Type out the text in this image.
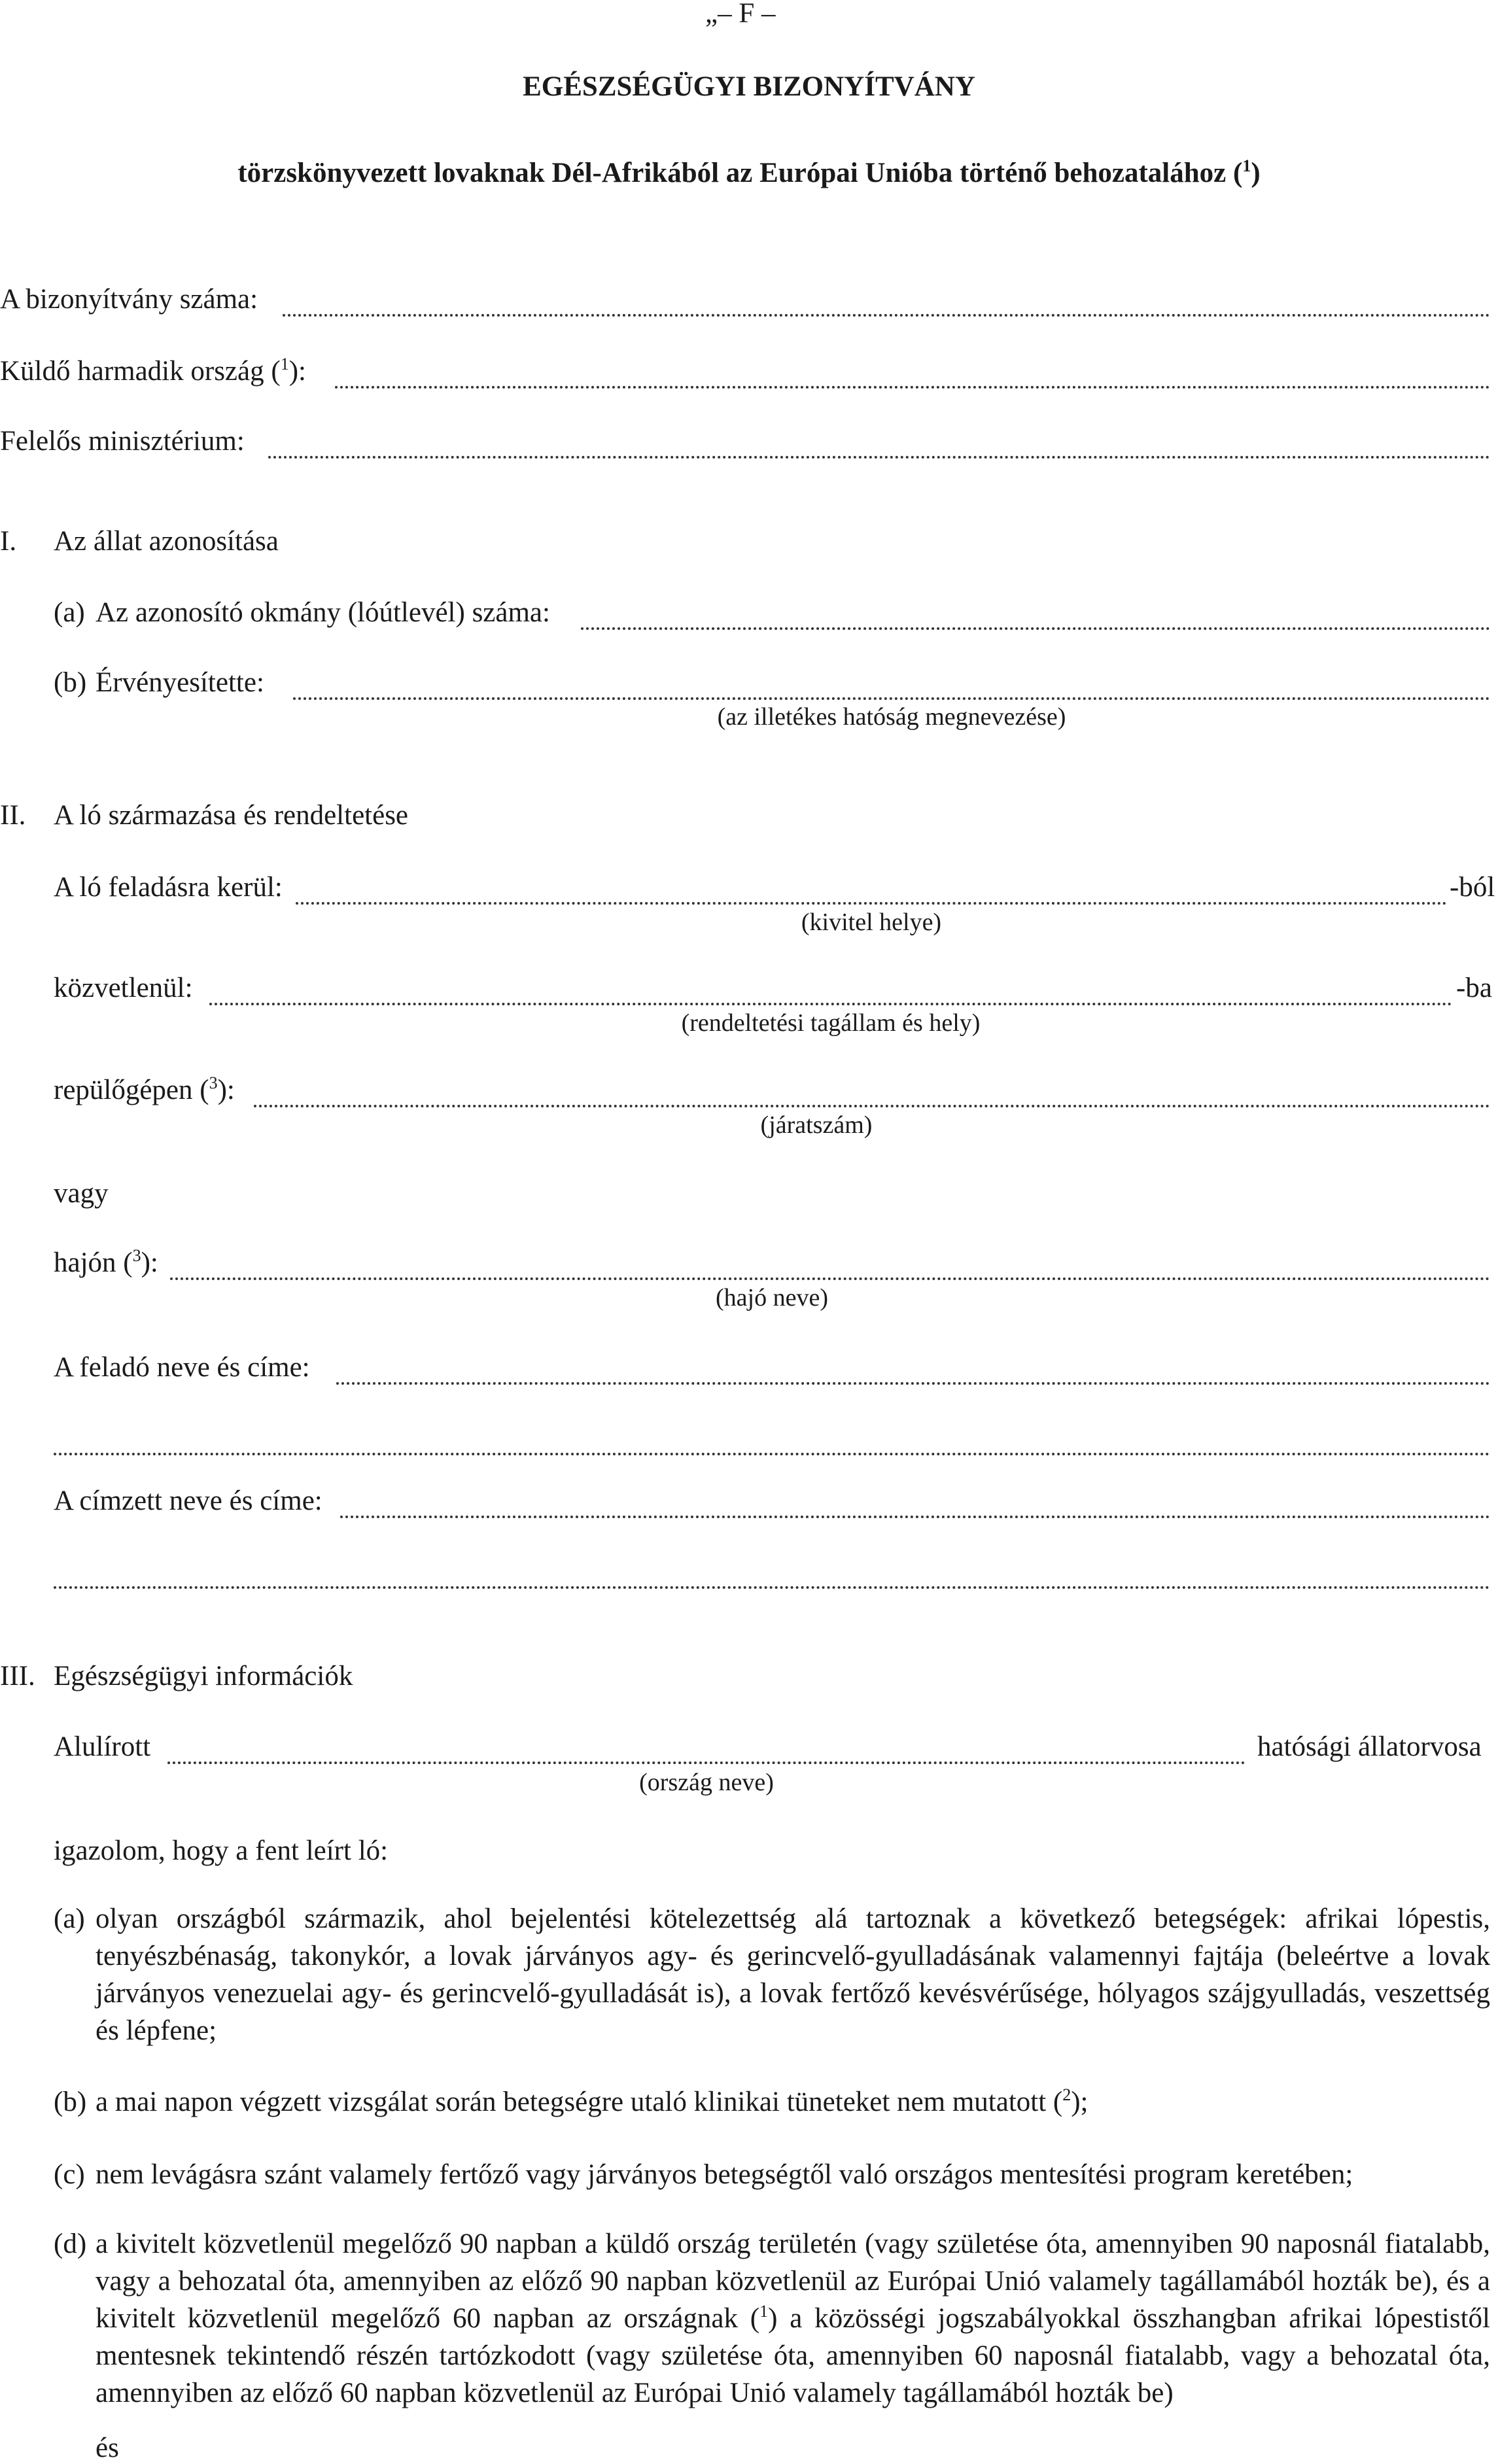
„– F –
EGÉSZSÉGÜGYI BIZONYÍTVÁNY
törzskönyvezett lovaknak Dél-Afrikából az Európai Unióba történő behozatalához ($^1$)
A bizonyítvány száma:
Küldő harmadik ország ($^1$):
Felelős minisztérium:
I. Az állat azonosítása
(a) Az azonosító okmány (lóútlevél) száma:
(b) Érvényesítette:
(az illetékes hatóság megnevezése)
II. A ló származása és rendeltetése
A ló feladásra kerül:	-ból
(kivitel helye)
közvetlenül:	-ba
(rendeltetési tagállam és hely)
repülőgépen ($^3$):
(járatszám)
vagy
hajón ($^3$):
(hajó neve)
A feladó neve és címe:
A címzett neve és címe:
III. Egészségügyi információk
Alulírott	hatósági állatorvosa
(ország neve)
igazolom, hogy a fent leírt ló:
(a) olyan országból származik, ahol bejelentési kötelezettség alá tartoznak a következő betegségek: afrikai lópestis, tenyészbénaság, takonykór, a lovak járványos agy- és gerincvelő-gyulladásának valamennyi fajtája (beleértve a lovak járványos venezuelai agy- és gerincvelő-gyulladását is), a lovak fertőző kevésvérűsége, hólyagos szájgyulladás, veszettség és lépfene;
(b) a mai napon végzett vizsgálat során betegségre utaló klinikai tüneteket nem mutatott ($^2$);
(c) nem levágásra szánt valamely fertőző vagy járványos betegségtől való országos mentesítési program keretében;
(d) a kivitelt közvetlenül megelőző 90 napban a küldő ország területén (vagy születése óta, amennyiben 90 naposnál fiatalabb, vagy a behozatal óta, amennyiben az előző 90 napban közvetlenül az Európai Unió valamely tagállamából hozták be), és a kivitelt közvetlenül megelőző 60 napban az országnak ($^1$) a közösségi jogszabályokkal összhangban afrikai lópestistől mentesnek tekintendő részén tartózkodott (vagy születése óta, amennyiben 60 naposnál fiatalabb, vagy a behozatal óta, amennyiben az előző 60 napban közvetlenül az Európai Unió valamely tagállamából hozták be)
és
